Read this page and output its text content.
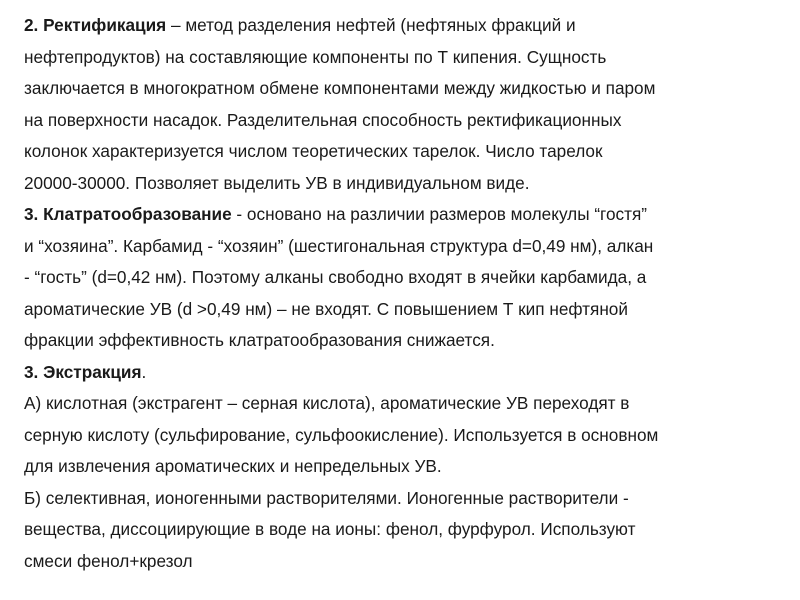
2. Ректификация – метод разделения нефтей (нефтяных фракций и
нефтепродуктов) на составляющие компоненты по Т кипения. Сущность
заключается в многократном обмене компонентами между жидкостью и паром
на поверхности насадок. Разделительная способность ректификационных
колонок характеризуется числом теоретических тарелок. Число тарелок
20000-30000. Позволяет выделить УВ в индивидуальном виде.
3. Клатратообразование - основано на различии размеров молекулы “гостя”
и “хозяина”. Карбамид - “хозяин” (шестигональная структура d=0,49 нм), алкан
- “гость” (d=0,42 нм). Поэтому алканы свободно входят в ячейки карбамида, а
ароматические УВ (d >0,49 нм) – не входят. С повышением Т кип нефтяной
фракции эффективность клатратообразования снижается.
3. Экстракция.
А) кислотная (экстрагент – серная кислота), ароматические УВ переходят в
серную кислоту (сульфирование, сульфоокисление). Используется в основном
для извлечения ароматических и непредельных УВ.
Б) селективная, ионогенными растворителями. Ионогенные растворители -
вещества, диссоциирующие в воде на ионы: фенол, фурфурол. Используют
смеси фенол+крезол
